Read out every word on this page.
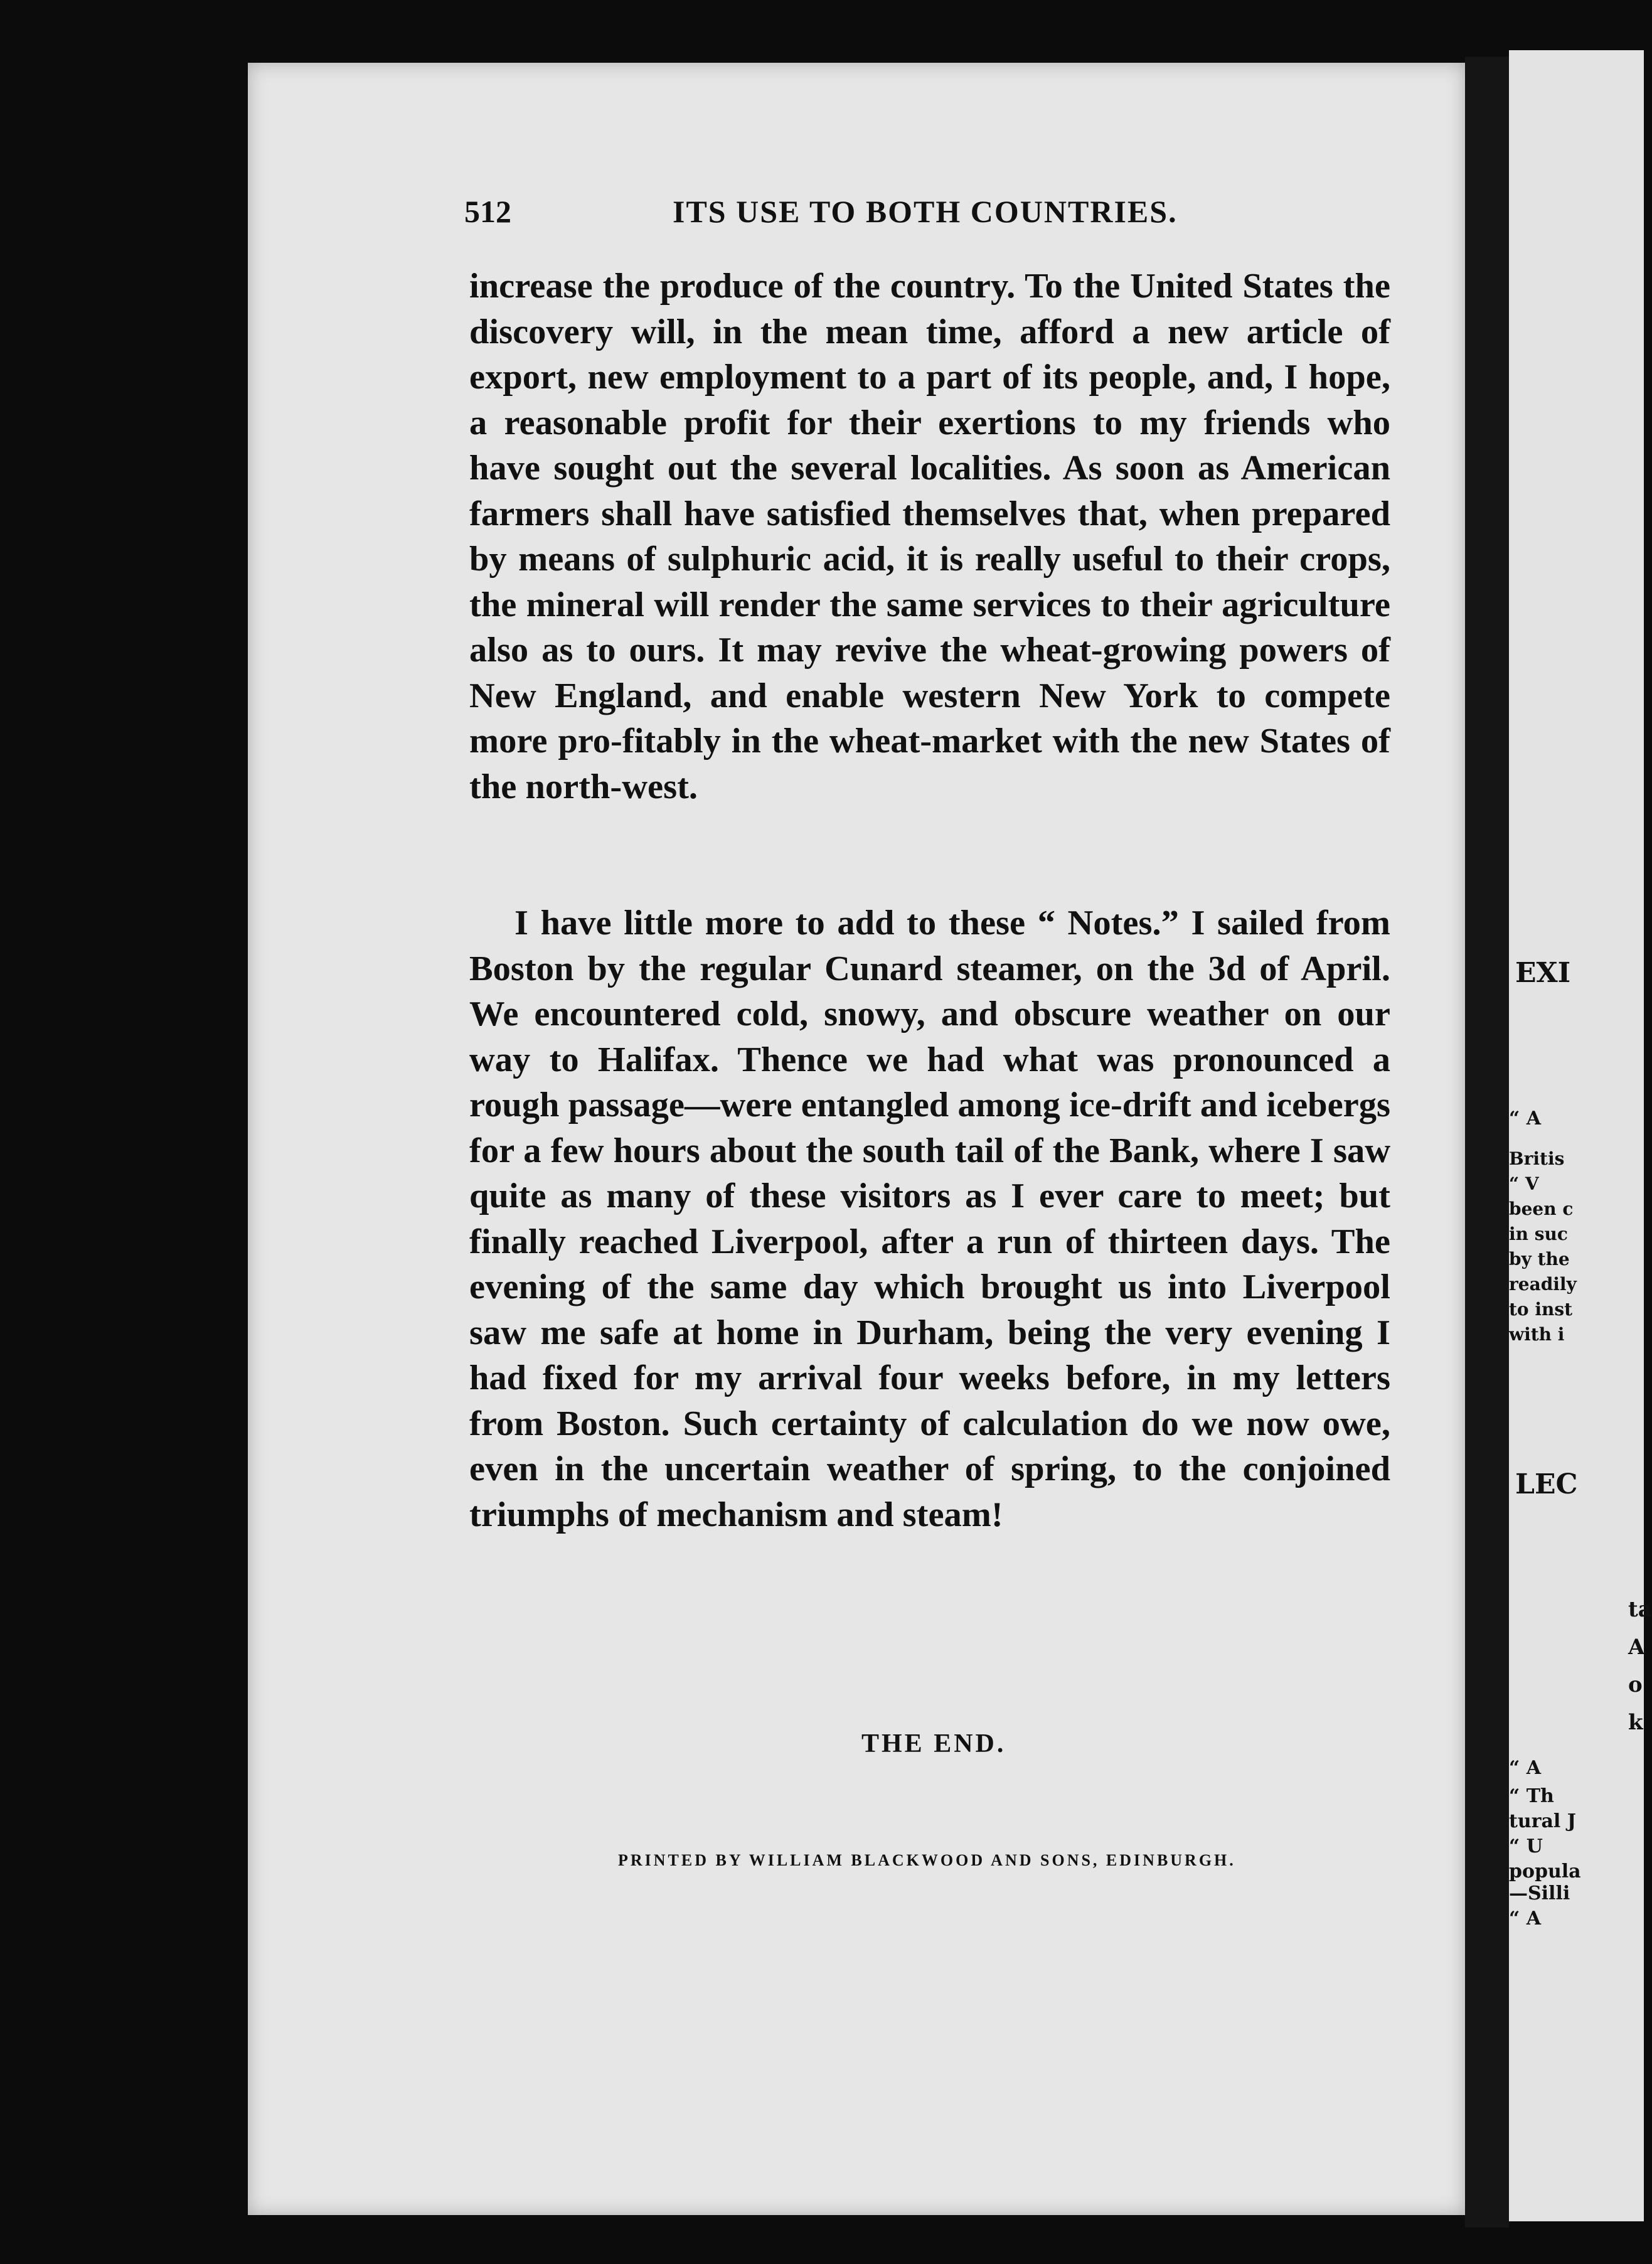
512	ITS USE TO BOTH COUNTRIES.

increase the produce of the country. To the United States the discovery will, in the mean time, afford a new article of export, new employment to a part of its people, and, I hope, a reasonable profit for their exertions to my friends who have sought out the several localities. As soon as American farmers shall have satisfied themselves that, when prepared by means of sulphuric acid, it is really useful to their crops, the mineral will render the same services to their agriculture also as to ours. It may revive the wheat-growing powers of New England, and enable western New York to compete more pro-fitably in the wheat-market with the new States of the north-west.

I have little more to add to these “ Notes.” I sailed from Boston by the regular Cunard steamer, on the 3d of April. We encountered cold, snowy, and obscure weather on our way to Halifax. Thence we had what was pronounced a rough passage—were entangled among ice-drift and icebergs for a few hours about the south tail of the Bank, where I saw quite as many of these visitors as I ever care to meet; but finally reached Liverpool, after a run of thirteen days. The evening of the same day which brought us into Liverpool saw me safe at home in Durham, being the very evening I had fixed for my arrival four weeks before, in my letters from Boston. Such certainty of calculation do we now owe, even in the uncertain weather of spring, to the conjoined triumphs of mechanism and steam!

THE END.
PRINTED BY WILLIAM BLACKWOOD AND SONS, EDINBURGH.
EXI
“ A
Britis
“ V
been c
in suc
by the
readily
to inst
with i
LEC
ta
A
o
k
“ A
“ Th
tural J
“ U
popula
—Silli
“ A
